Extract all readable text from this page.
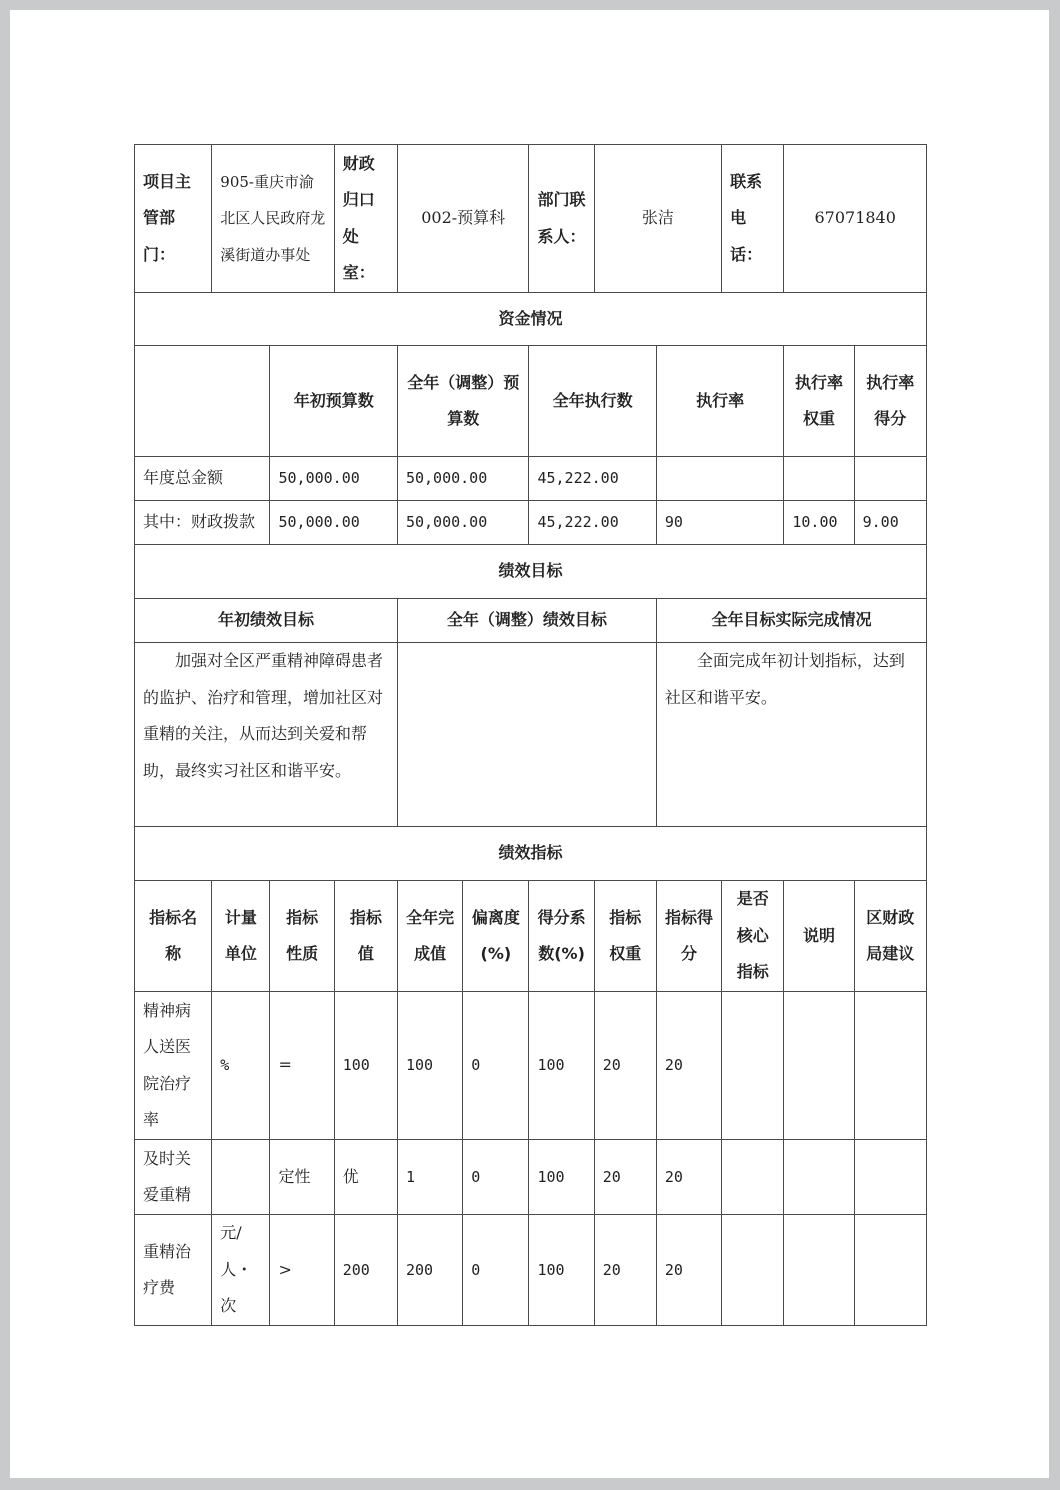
项目主管部门：	905-重庆市渝北区人民政府龙溪街道办事处		财政归口处室：	002-预算科		部门联系人：	张洁		联系电话：	67071840	
资金情况											
		年初预算数		全年（调整）预算数		全年执行数		执行率		执行率权重	执行率得分
年度总金额		50,000.00		50,000.00		45,222.00					
其中：财政拨款		50,000.00		50,000.00		45,222.00		90		10.00	9.00
绩效目标											
年初绩效目标				全年（调整）绩效目标				全年目标实际完成情况			
加强对全区严重精神障碍患者的监护、治疗和管理，增加社区对重精的关注，从而达到关爱和帮助，最终实习社区和谐平安。								全面完成年初计划指标，达到社区和谐平安。			
绩效指标											
指标名称	计量单位	指标性质	指标值	全年完成值	偏离度(%)	得分系数(%)	指标权重	指标得分	是否核心指标	说明	区财政局建议
精神病人送医院治疗率	%	=	100	100	0	100	20	20			
及时关爱重精		定性	优	1	0	100	20	20			
重精治疗费	元/人・次	>	200	200	0	100	20	20			
